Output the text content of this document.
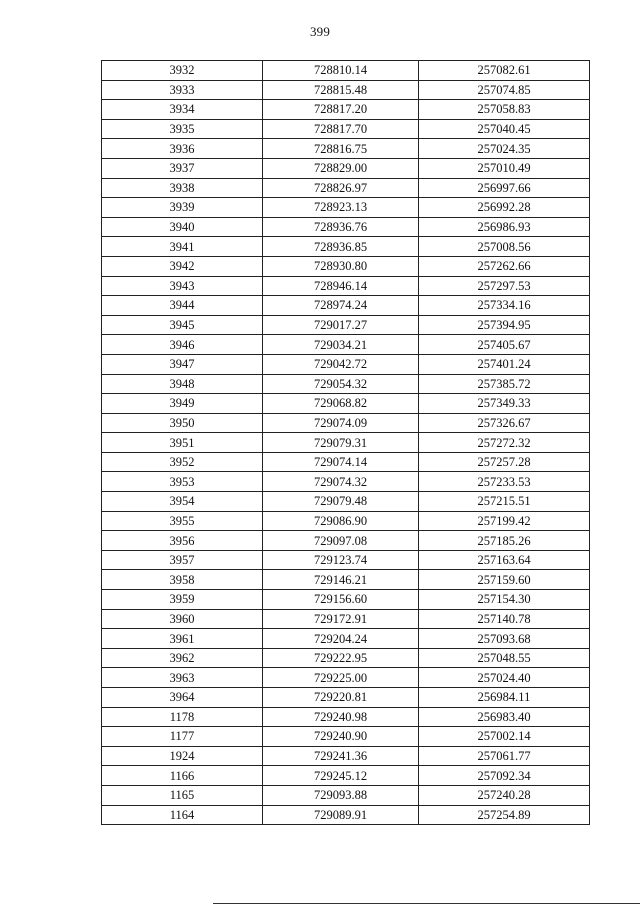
399
3932	728810.14	257082.61
3933	728815.48	257074.85
3934	728817.20	257058.83
3935	728817.70	257040.45
3936	728816.75	257024.35
3937	728829.00	257010.49
3938	728826.97	256997.66
3939	728923.13	256992.28
3940	728936.76	256986.93
3941	728936.85	257008.56
3942	728930.80	257262.66
3943	728946.14	257297.53
3944	728974.24	257334.16
3945	729017.27	257394.95
3946	729034.21	257405.67
3947	729042.72	257401.24
3948	729054.32	257385.72
3949	729068.82	257349.33
3950	729074.09	257326.67
3951	729079.31	257272.32
3952	729074.14	257257.28
3953	729074.32	257233.53
3954	729079.48	257215.51
3955	729086.90	257199.42
3956	729097.08	257185.26
3957	729123.74	257163.64
3958	729146.21	257159.60
3959	729156.60	257154.30
3960	729172.91	257140.78
3961	729204.24	257093.68
3962	729222.95	257048.55
3963	729225.00	257024.40
3964	729220.81	256984.11
1178	729240.98	256983.40
1177	729240.90	257002.14
1924	729241.36	257061.77
1166	729245.12	257092.34
1165	729093.88	257240.28
1164	729089.91	257254.89
